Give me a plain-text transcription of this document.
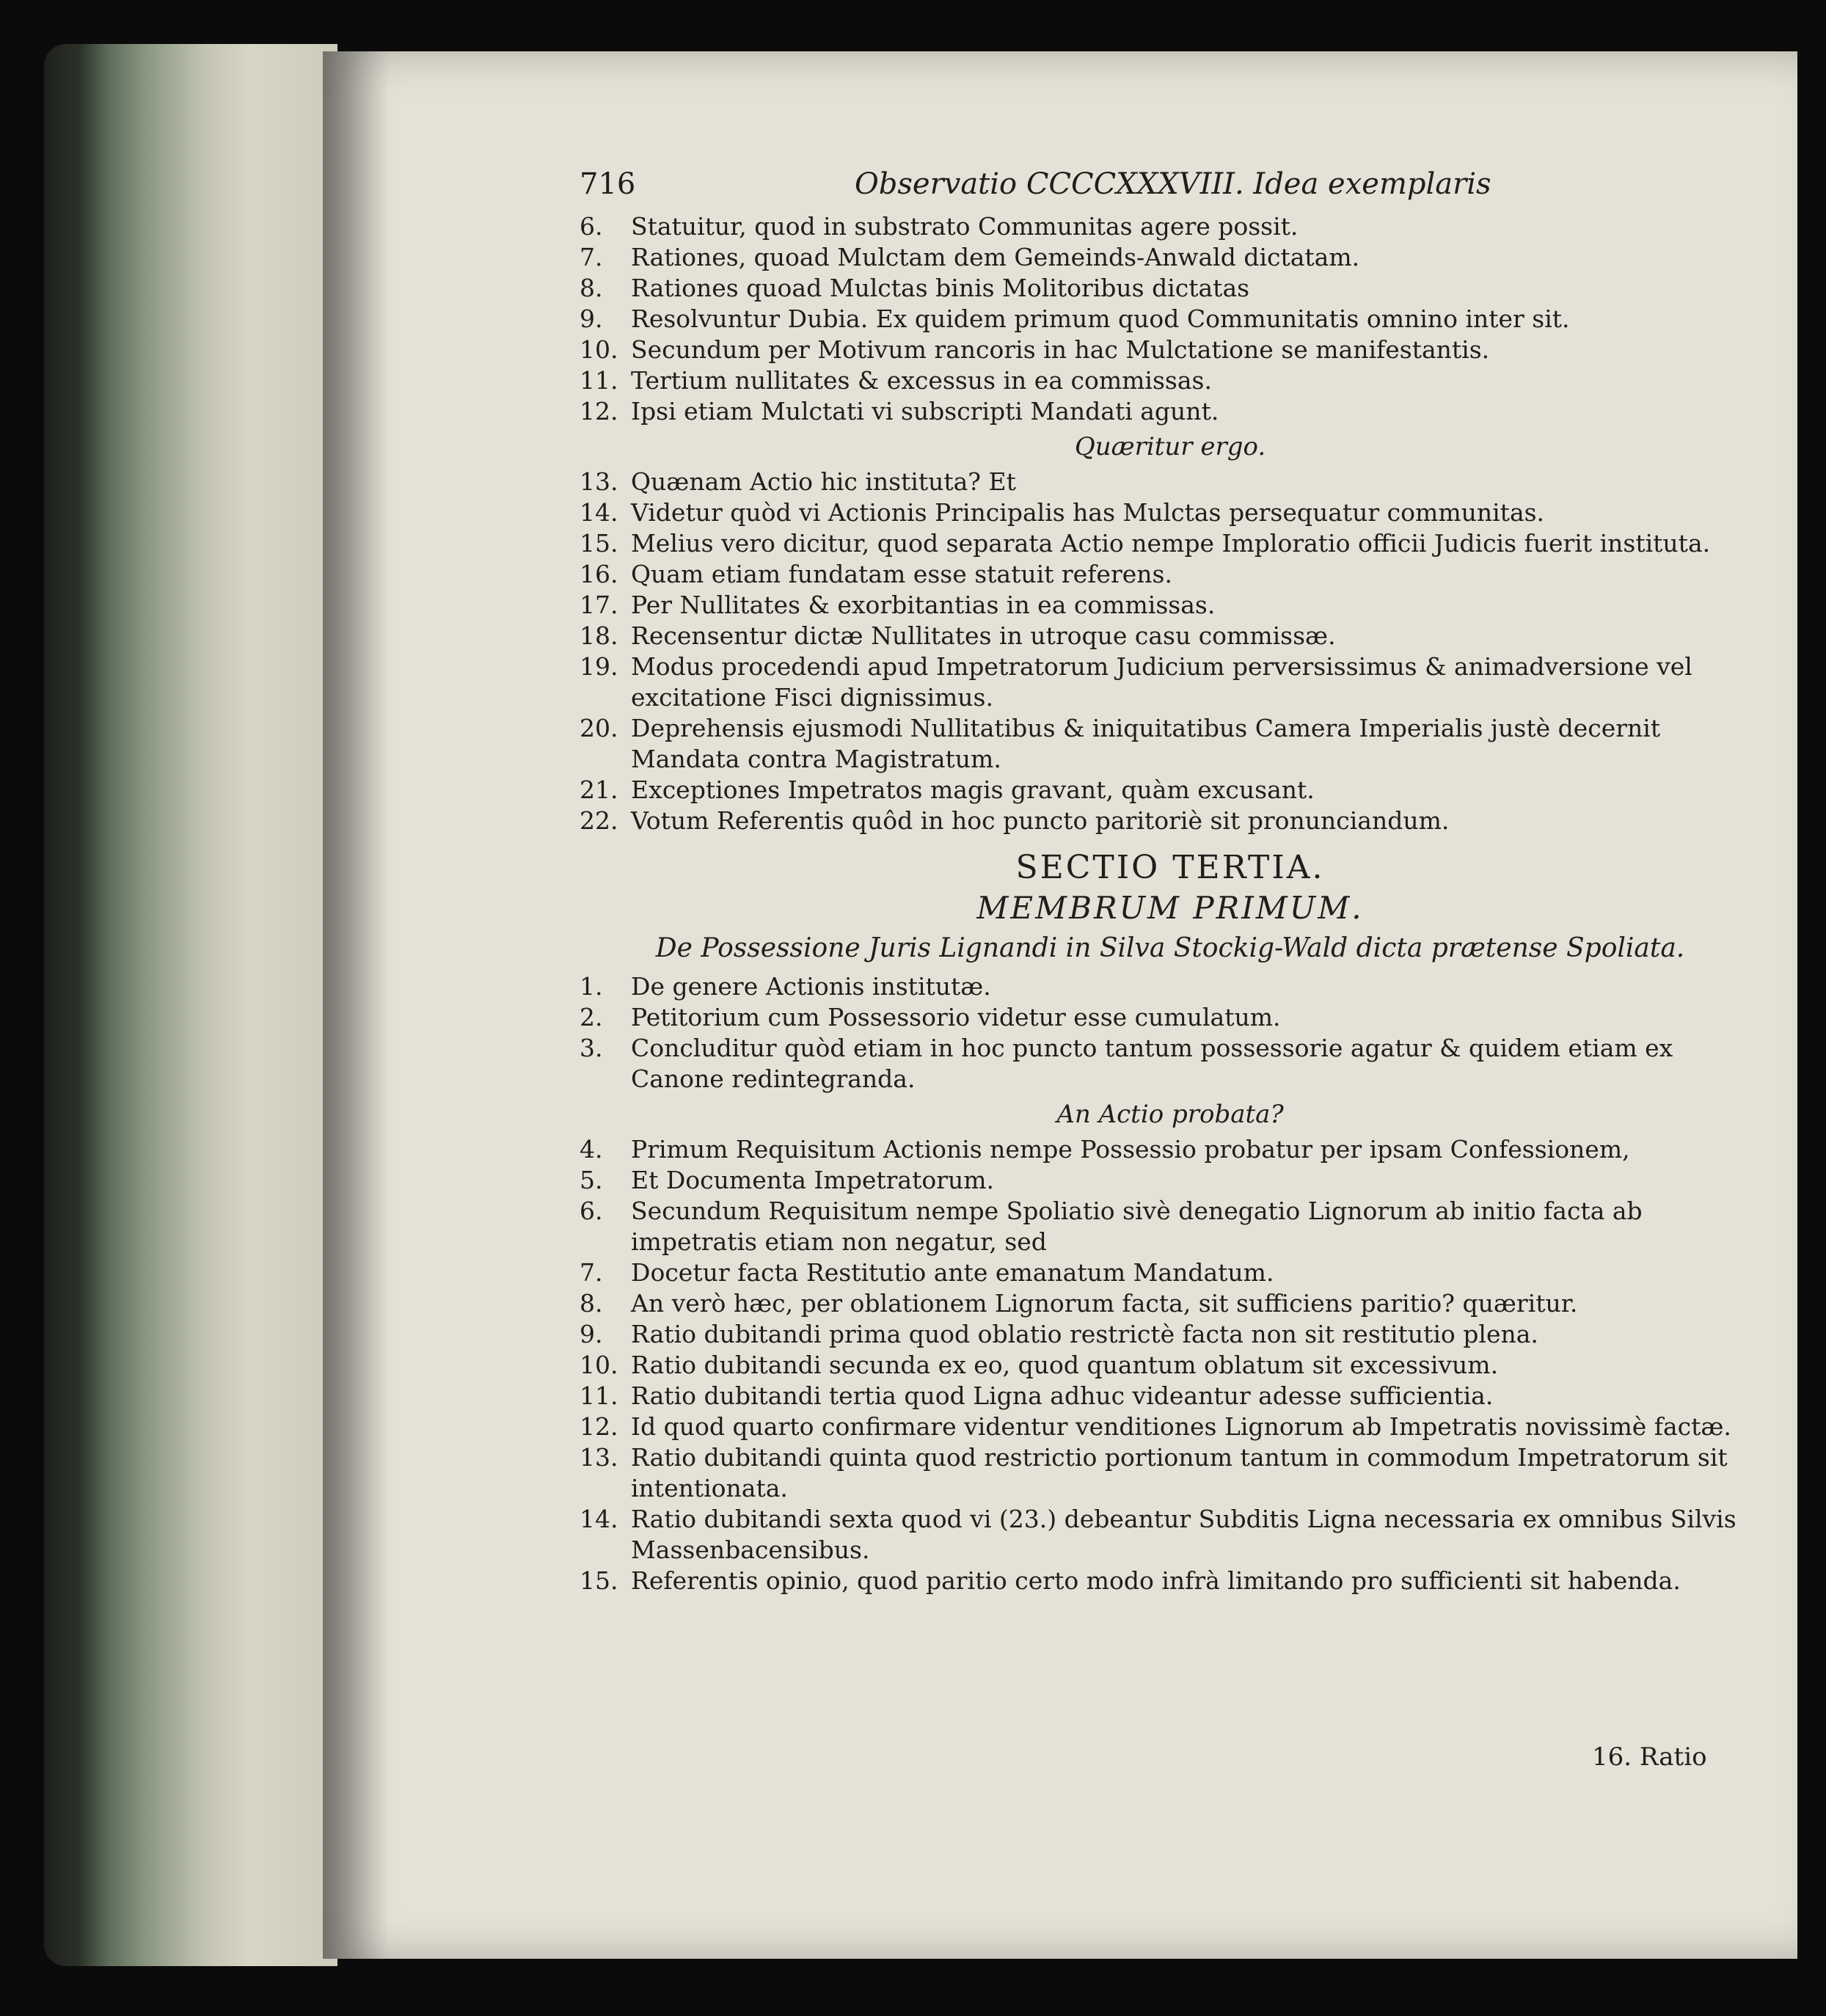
716	Observatio CCCCXXXVIII. Idea exemplaris
6.	Statuitur, quod in substrato Communitas agere possit.
7.	Rationes, quoad Mulctam dem Gemeinds-Anwald dictatam.
8.	Rationes quoad Mulctas binis Molitoribus dictatas
9.	Resolvuntur Dubia. Ex quidem primum quod Communitatis omnino inter sit.
10. Secundum per Motivum rancoris in hac Mulctatione se manifestantis.
11. Tertium nullitates & excessus in ea commissas.
12. Ipsi etiam Mulctati vi subscripti Mandati agunt.
Quæritur ergo.
13. Quænam Actio hic instituta? Et
14. Videtur quòd vi Actionis Principalis has Mulctas persequatur communitas.
15. Melius vero dicitur, quod separata Actio nempe Imploratio officii Judicis fuerit instituta.
16. Quam etiam fundatam esse statuit referens.
17. Per Nullitates & exorbitantias in ea commissas.
18. Recensentur dictæ Nullitates in utroque casu commissæ.
19. Modus procedendi apud Impetratorum Judicium perversissimus & animadversione vel excitatione Fisci dignissimus.
20. Deprehensis ejusmodi Nullitatibus & iniquitatibus Camera Imperialis justè decernit Mandata contra Magistratum.
21. Exceptiones Impetratos magis gravant, quàm excusant.
22. Votum Referentis quôd in hoc puncto paritoriè sit pronunciandum.
SECTIO TERTIA.
MEMBRUM PRIMUM.
De Possessione Juris Lignandi in Silva Stockig-Wald dicta prætense Spoliata.
1.	De genere Actionis institutæ.
2.	Petitorium cum Possessorio videtur esse cumulatum.
3.	Concluditur quòd etiam in hoc puncto tantum possessorie agatur & quidem etiam ex Canone redintegranda.
An Actio probata?
4.	Primum Requisitum Actionis nempe Possessio probatur per ipsam Confessionem,
5.	Et Documenta Impetratorum.
6.	Secundum Requisitum nempe Spoliatio sivè denegatio Lignorum ab initio facta ab impetratis etiam non negatur, sed
7.	Docetur facta Restitutio ante emanatum Mandatum.
8.	An verò hæc, per oblationem Lignorum facta, sit sufficiens paritio? quæritur.
9.	Ratio dubitandi prima quod oblatio restrictè facta non sit restitutio plena.
10. Ratio dubitandi secunda ex eo, quod quantum oblatum sit excessivum.
11. Ratio dubitandi tertia quod Ligna adhuc videantur adesse sufficientia.
12. Id quod quarto confirmare videntur venditiones Lignorum ab Impetratis novissimè factæ.
13. Ratio dubitandi quinta quod restrictio portionum tantum in commodum Impetratorum sit intentionata.
14. Ratio dubitandi sexta quod vi (23.) debeantur Subditis Ligna necessaria ex omnibus Silvis Massenbacensibus.
15. Referentis opinio, quod paritio certo modo infrà limitando pro sufficienti sit habenda.
16. Ratio
